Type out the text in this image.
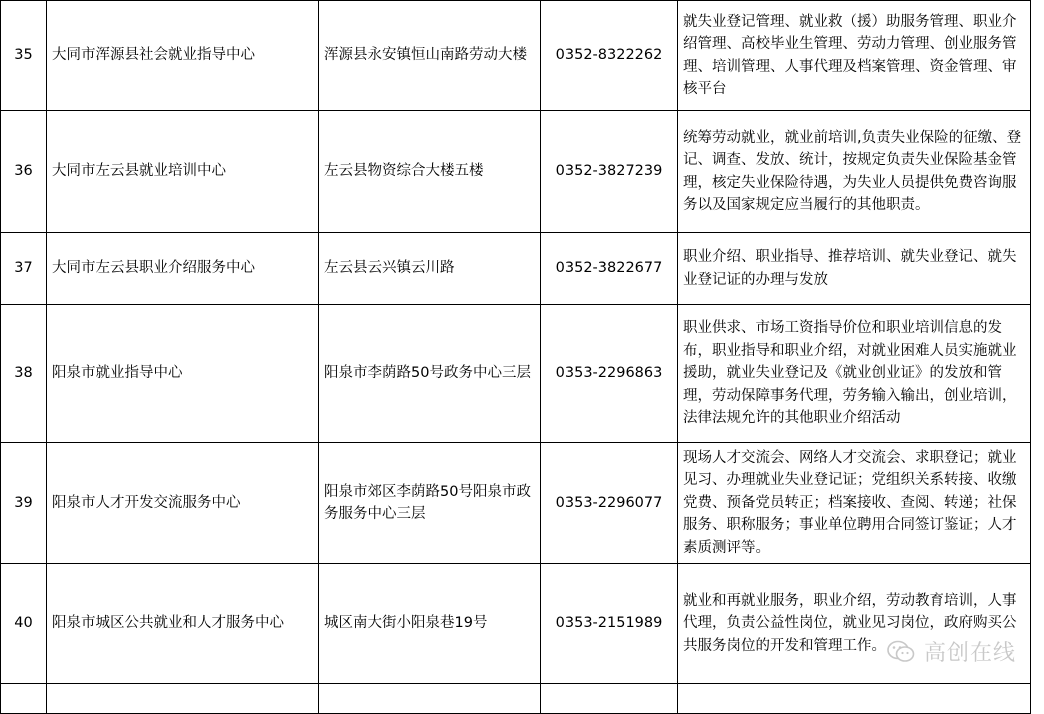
35	大同市浑源县社会就业指导中心	浑源县永安镇恒山南路劳动大楼	0352-8322262	就失业登记管理、就业救（援）助服务管理、职业介绍管理、高校毕业生管理、劳动力管理、创业服务管理、培训管理、人事代理及档案管理、资金管理、审核平台
36	大同市左云县就业培训中心	左云县物资综合大楼五楼	0352-3827239	统筹劳动就业，就业前培训,负责失业保险的征缴、登记、调查、发放、统计，按规定负责失业保险基金管理，核定失业保险待遇，为失业人员提供免费咨询服务以及国家规定应当履行的其他职责。
37	大同市左云县职业介绍服务中心	左云县云兴镇云川路	0352-3822677	职业介绍、职业指导、推荐培训、就失业登记、就失业登记证的办理与发放
38	阳泉市就业指导中心	阳泉市李荫路50号政务中心三层	0353-2296863	职业供求、市场工资指导价位和职业培训信息的发布，职业指导和职业介绍，对就业困难人员实施就业援助，就业失业登记及《就业创业证》的发放和管理，劳动保障事务代理，劳务输入输出，创业培训，法律法规允许的其他职业介绍活动
39	阳泉市人才开发交流服务中心	阳泉市郊区李荫路50号阳泉市政务服务中心三层	0353-2296077	现场人才交流会、网络人才交流会、求职登记；就业见习、办理就业失业登记证；党组织关系转接、收缴党费、预备党员转正；档案接收、查阅、转递；社保服务、职称服务；事业单位聘用合同签订鉴证；人才素质测评等。
40	阳泉市城区公共就业和人才服务中心	城区南大街小阳泉巷19号	0353-2151989	就业和再就业服务，职业介绍，劳动教育培训，人事代理，负责公益性岗位，就业见习岗位，政府购买公共服务岗位的开发和管理工作。
				高创在线
